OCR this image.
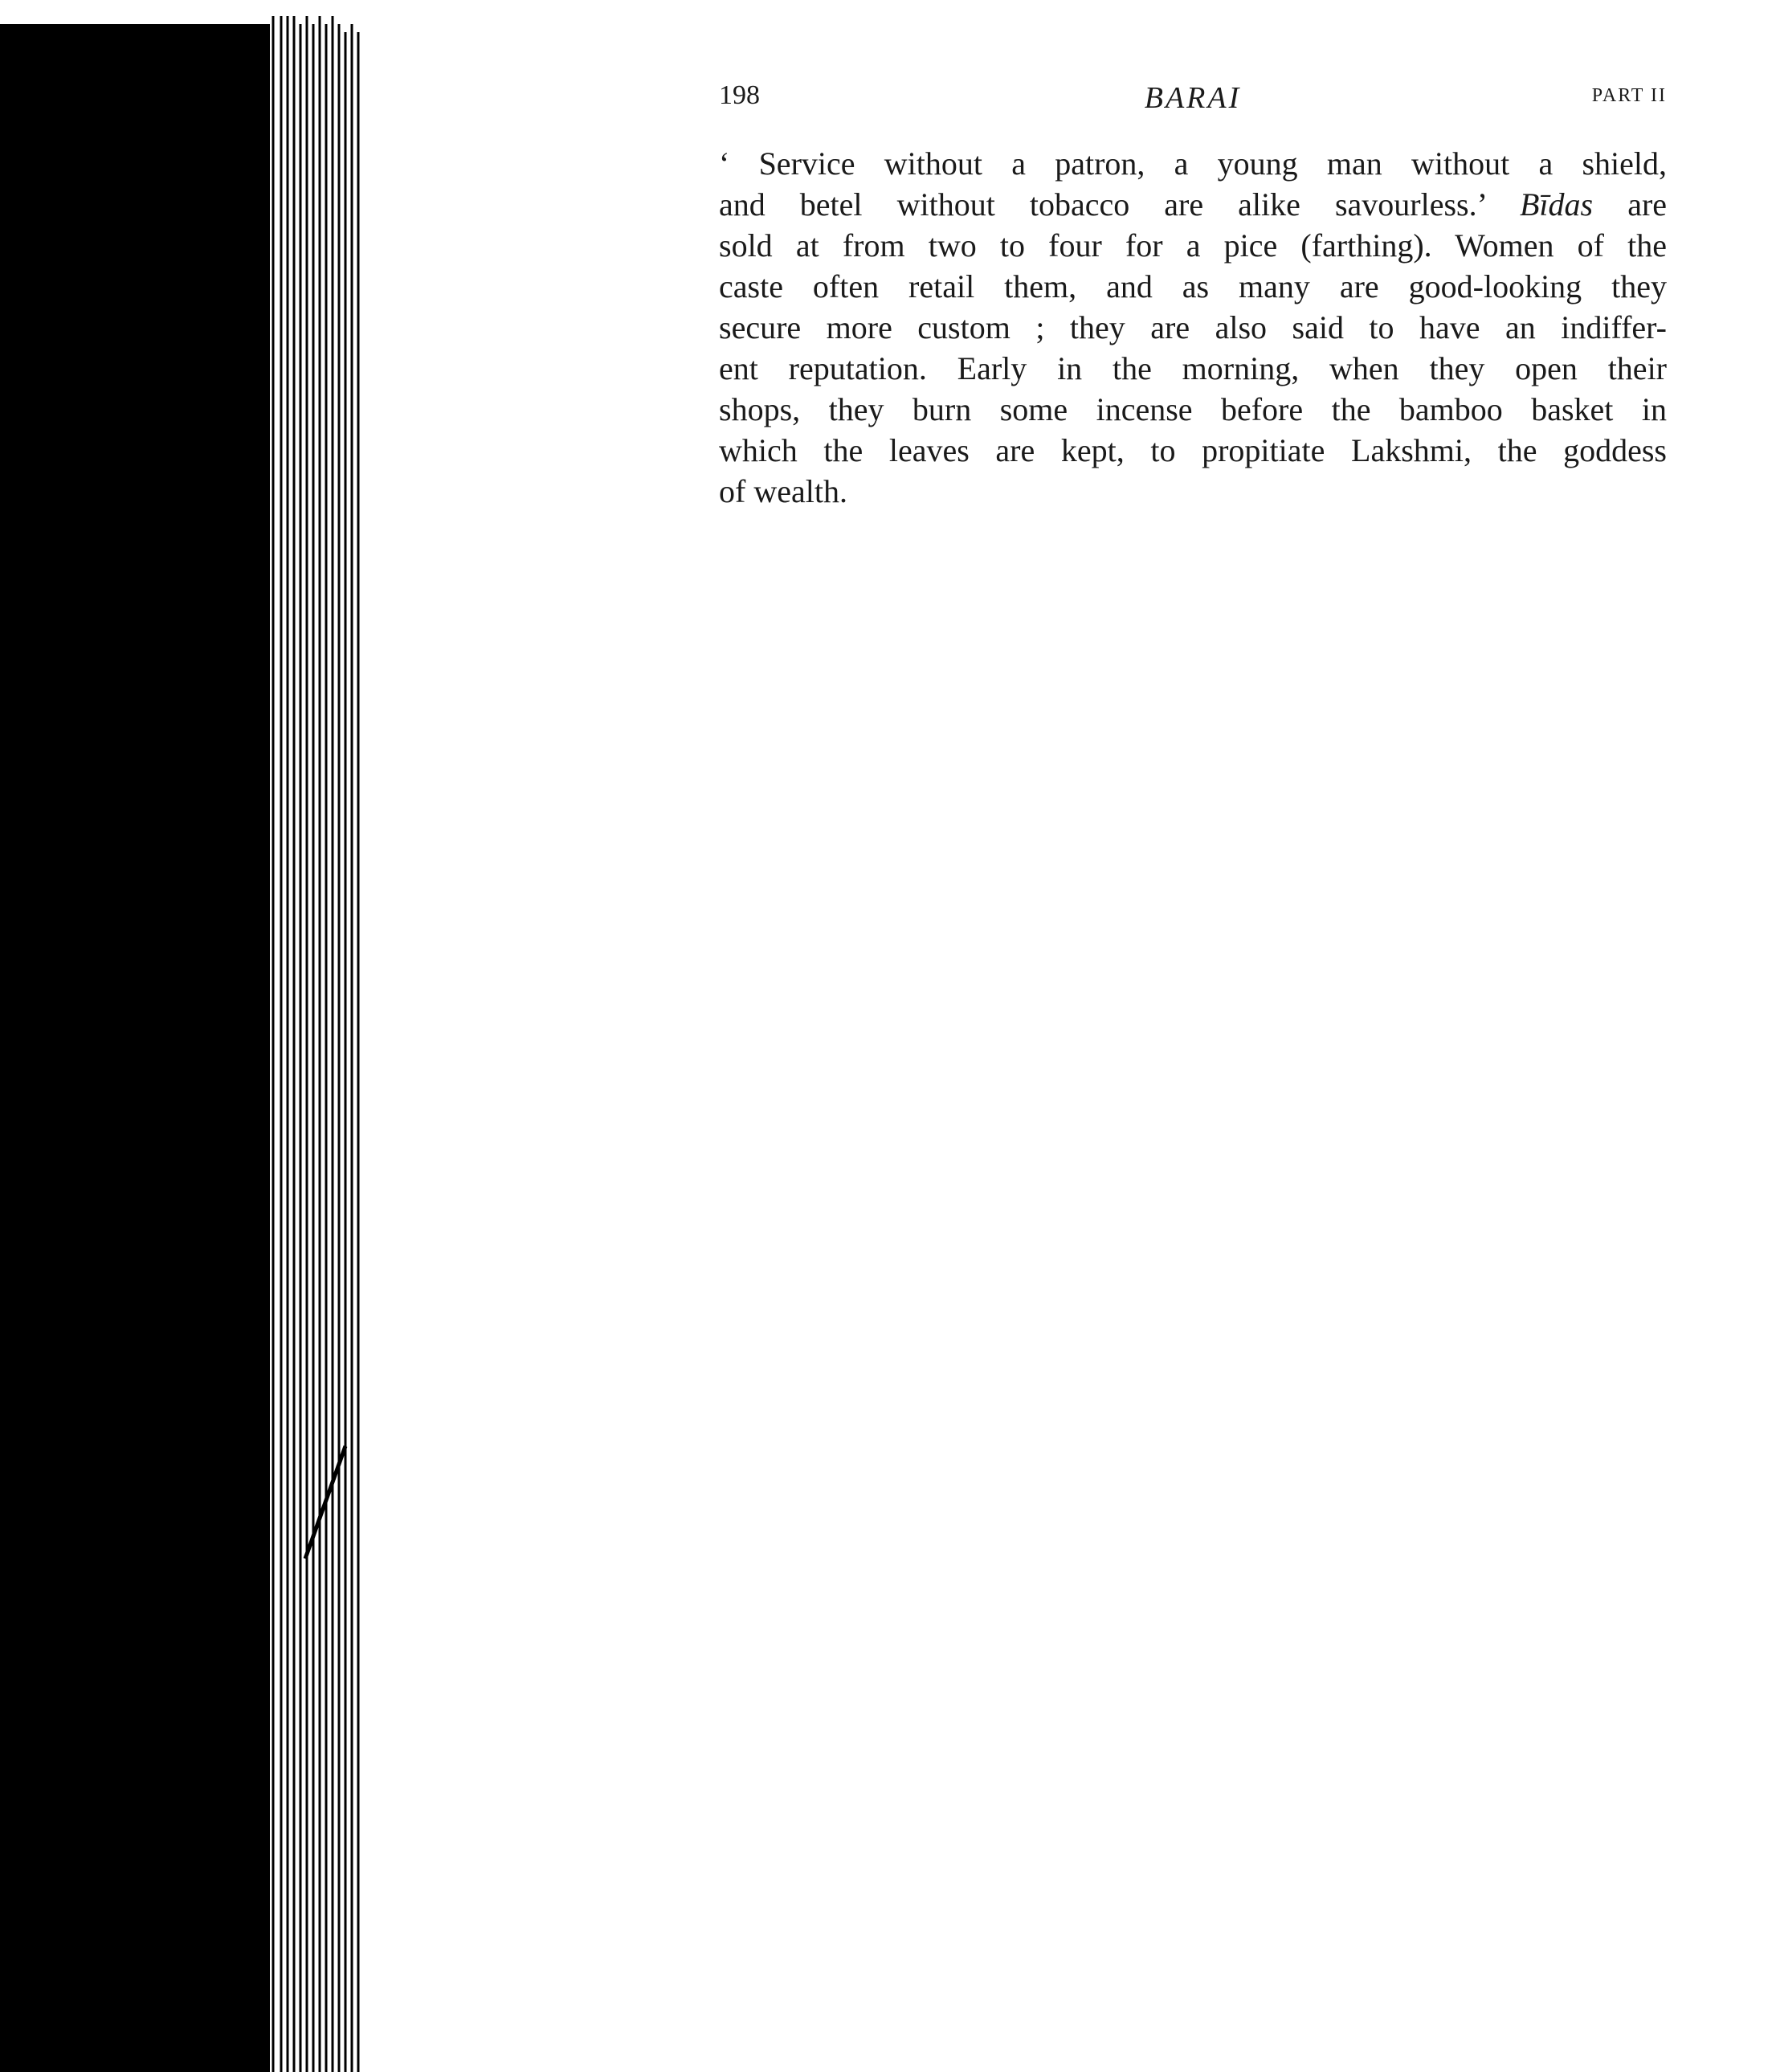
198	BARAI	PART II
‘ Service without a patron, a young man without a shield,
and betel without tobacco are alike savourless.’ Bīdas are
sold at from two to four for a pice (farthing). Women of the
caste often retail them, and as many are good-looking they
secure more custom ; they are also said to have an indiffer-
ent reputation. Early in the morning, when they open their
shops, they burn some incense before the bamboo basket in
which the leaves are kept, to propitiate Lakshmi, the goddess
of wealth.
